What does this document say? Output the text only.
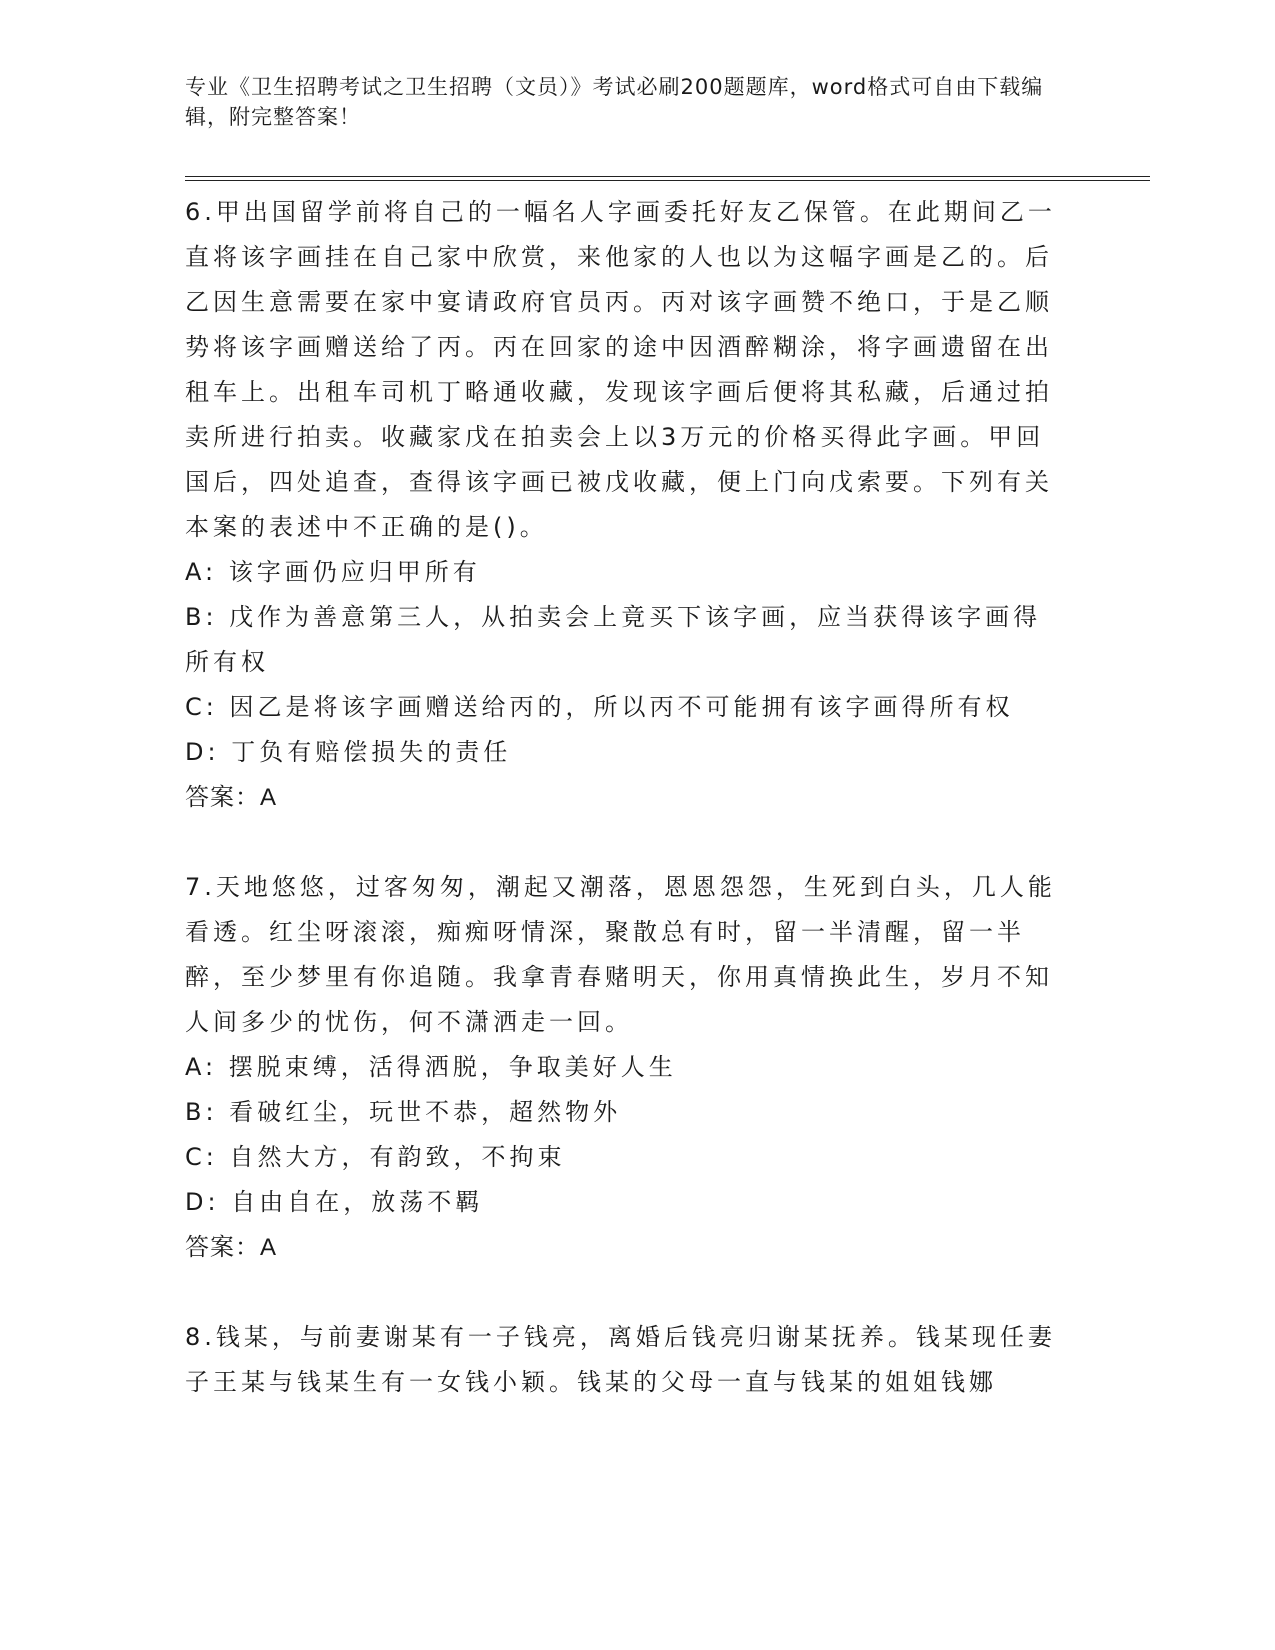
专业《卫生招聘考试之卫生招聘（文员）》考试必刷200题题库，word格式可自由下载编辑，附完整答案！

6.甲出国留学前将自己的一幅名人字画委托好友乙保管。在此期间乙一直将该字画挂在自己家中欣赏，来他家的人也以为这幅字画是乙的。后乙因生意需要在家中宴请政府官员丙。丙对该字画赞不绝口，于是乙顺势将该字画赠送给了丙。丙在回家的途中因酒醉糊涂，将字画遗留在出租车上。出租车司机丁略通收藏，发现该字画后便将其私藏，后通过拍卖所进行拍卖。收藏家戊在拍卖会上以3万元的价格买得此字画。甲回国后，四处追查，查得该字画已被戊收藏，便上门向戊索要。下列有关本案的表述中不正确的是()。

A: 该字画仍应归甲所有

B: 戊作为善意第三人，从拍卖会上竟买下该字画，应当获得该字画得所有权

C: 因乙是将该字画赠送给丙的，所以丙不可能拥有该字画得所有权

D: 丁负有赔偿损失的责任

答案：A

7.天地悠悠，过客匆匆，潮起又潮落，恩恩怨怨，生死到白头，几人能看透。红尘呀滚滚，痴痴呀情深，聚散总有时，留一半清醒，留一半醉，至少梦里有你追随。我拿青春赌明天，你用真情换此生，岁月不知人间多少的忧伤，何不潇洒走一回。

A: 摆脱束缚，活得洒脱，争取美好人生

B: 看破红尘，玩世不恭，超然物外

C: 自然大方，有韵致，不拘束

D: 自由自在，放荡不羁

答案：A

8.钱某，与前妻谢某有一子钱亮，离婚后钱亮归谢某抚养。钱某现任妻子王某与钱某生有一女钱小颖。钱某的父母一直与钱某的姐姐钱娜
